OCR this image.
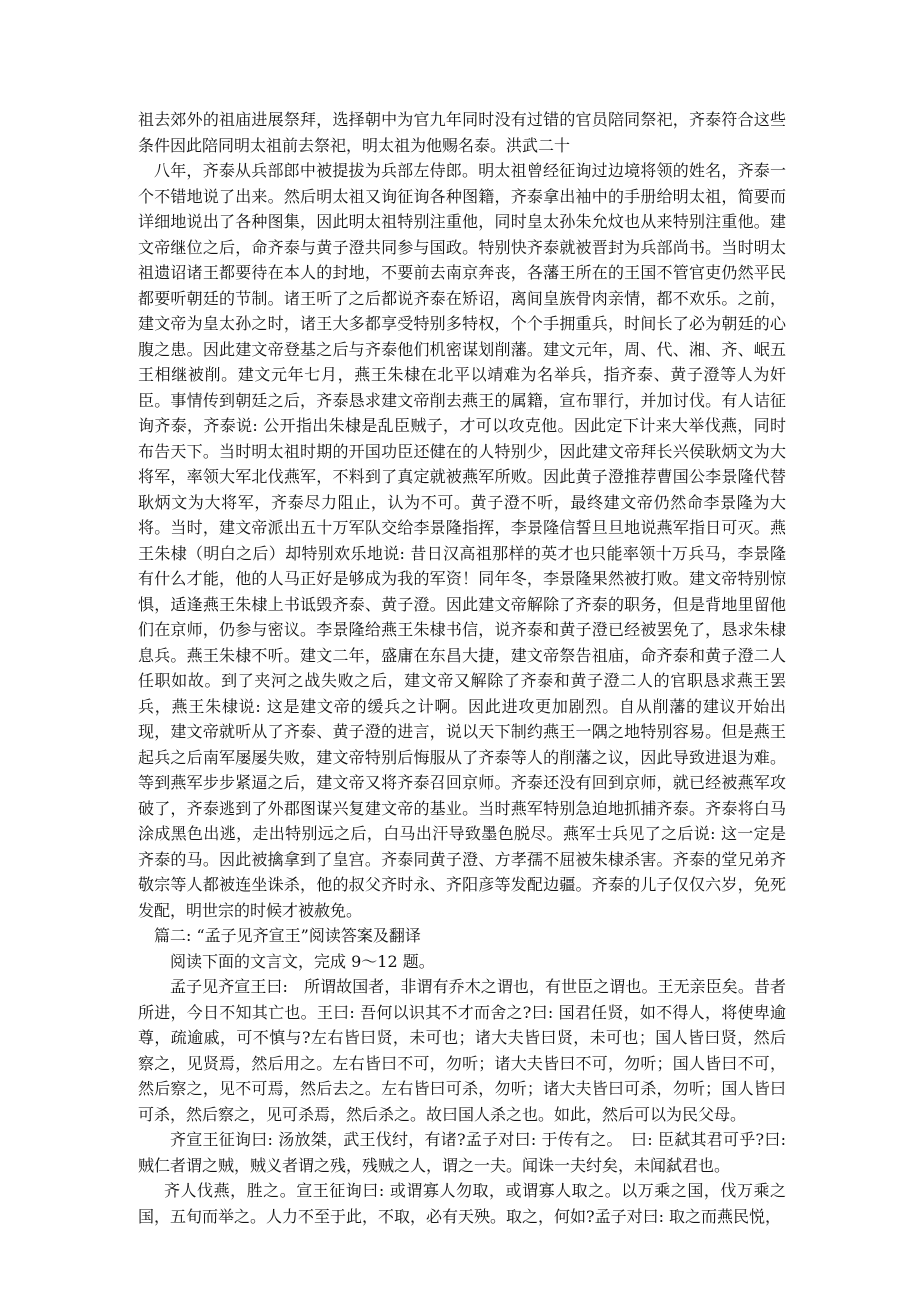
祖去郊外的祖庙进展祭拜，选择朝中为官九年同时没有过错的官员陪同祭祀，齐泰符合这些条件因此陪同明太祖前去祭祀，明太祖为他赐名泰。洪武二十

八年，齐泰从兵部郎中被提拔为兵部左侍郎。明太祖曾经征询过边境将领的姓名，齐泰一个不错地说了出来。然后明太祖又询征询各种图籍，齐泰拿出袖中的手册给明太祖，简要而详细地说出了各种图集，因此明太祖特别注重他，同时皇太孙朱允炆也从来特别注重他。建文帝继位之后，命齐泰与黄子澄共同参与国政。特别快齐泰就被晋封为兵部尚书。当时明太祖遗诏诸王都要待在本人的封地，不要前去南京奔丧，各藩王所在的王国不管官吏仍然平民都要听朝廷的节制。诸王听了之后都说齐泰在矫诏，离间皇族骨肉亲情，都不欢乐。之前，建文帝为皇太孙之时，诸王大多都享受特别多特权，个个手拥重兵，时间长了必为朝廷的心腹之患。因此建文帝登基之后与齐泰他们机密谋划削藩。建文元年，周、代、湘、齐、岷五王相继被削。建文元年七月，燕王朱棣在北平以靖难为名举兵，指齐泰、黄子澄等人为奸臣。事情传到朝廷之后，齐泰恳求建文帝削去燕王的属籍，宣布罪行，并加讨伐。有人诘征询齐泰，齐泰说: 公开指出朱棣是乱臣贼子，才可以攻克他。因此定下计来大举伐燕，同时布告天下。当时明太祖时期的开国功臣还健在的人特别少，因此建文帝拜长兴侯耿炳文为大将军，率领大军北伐燕军，不料到了真定就被燕军所败。因此黄子澄推荐曹国公李景隆代替耿炳文为大将军，齐泰尽力阻止，认为不可。黄子澄不听，最终建文帝仍然命李景隆为大将。当时，建文帝派出五十万军队交给李景隆指挥，李景隆信誓旦旦地说燕军指日可灭。燕王朱棣（明白之后）却特别欢乐地说: 昔日汉高祖那样的英才也只能率领十万兵马，李景隆有什么才能，他的人马正好是够成为我的军资！同年冬，李景隆果然被打败。建文帝特别惊惧，适逢燕王朱棣上书诋毁齐泰、黄子澄。因此建文帝解除了齐泰的职务，但是背地里留他们在京师，仍参与密议。李景隆给燕王朱棣书信，说齐泰和黄子澄已经被罢免了，恳求朱棣息兵。燕王朱棣不听。建文二年，盛庸在东昌大捷，建文帝祭告祖庙，命齐泰和黄子澄二人任职如故。到了夹河之战失败之后，建文帝又解除了齐泰和黄子澄二人的官职恳求燕王罢兵，燕王朱棣说: 这是建文帝的缓兵之计啊。因此进攻更加剧烈。自从削藩的建议开始出现，建文帝就听从了齐泰、黄子澄的进言，说以天下制约燕王一隅之地特别容易。但是燕王起兵之后南军屡屡失败，建文帝特别后悔服从了齐泰等人的削藩之议，因此导致进退为难。等到燕军步步紧逼之后，建文帝又将齐泰召回京师。齐泰还没有回到京师，就已经被燕军攻破了，齐泰逃到了外郡图谋兴复建文帝的基业。当时燕军特别急迫地抓捕齐泰。齐泰将白马涂成黑色出逃，走出特别远之后，白马出汗导致墨色脱尽。燕军士兵见了之后说: 这一定是齐泰的马。因此被擒拿到了皇宫。齐泰同黄子澄、方孝孺不屈被朱棣杀害。齐泰的堂兄弟齐敬宗等人都被连坐诛杀，他的叔父齐时永、齐阳彦等发配边疆。齐泰的儿子仅仅六岁，免死发配，明世宗的时候才被赦免。

篇二: “孟子见齐宣王”阅读答案及翻译

阅读下面的文言文，完成 9～12 题。

孟子见齐宣王曰:　所谓故国者，非谓有乔木之谓也，有世臣之谓也。王无亲臣矣。昔者所进，今日不知其亡也。王曰: 吾何以识其不才而舍之?曰: 国君任贤，如不得人，将使卑逾尊，疏逾戚，可不慎与?左右皆曰贤，未可也；诸大夫皆曰贤，未可也；国人皆曰贤，然后察之，见贤焉，然后用之。左右皆曰不可，勿听；诸大夫皆曰不可，勿听；国人皆曰不可，然后察之，见不可焉，然后去之。左右皆曰可杀，勿听；诸大夫皆曰可杀，勿听；国人皆曰可杀，然后察之，见可杀焉，然后杀之。故曰国人杀之也。如此，然后可以为民父母。

齐宣王征询曰: 汤放桀，武王伐纣，有诸?孟子对曰: 于传有之。　曰: 臣弑其君可乎?曰: 贼仁者谓之贼，贼义者谓之残，残贼之人，谓之一夫。闻诛一夫纣矣，未闻弑君也。

齐人伐燕，胜之。宣王征询曰: 或谓寡人勿取，或谓寡人取之。以万乘之国，伐万乘之国，五旬而举之。人力不至于此，不取，必有天殃。取之，何如?孟子对曰: 取之而燕民悦，
